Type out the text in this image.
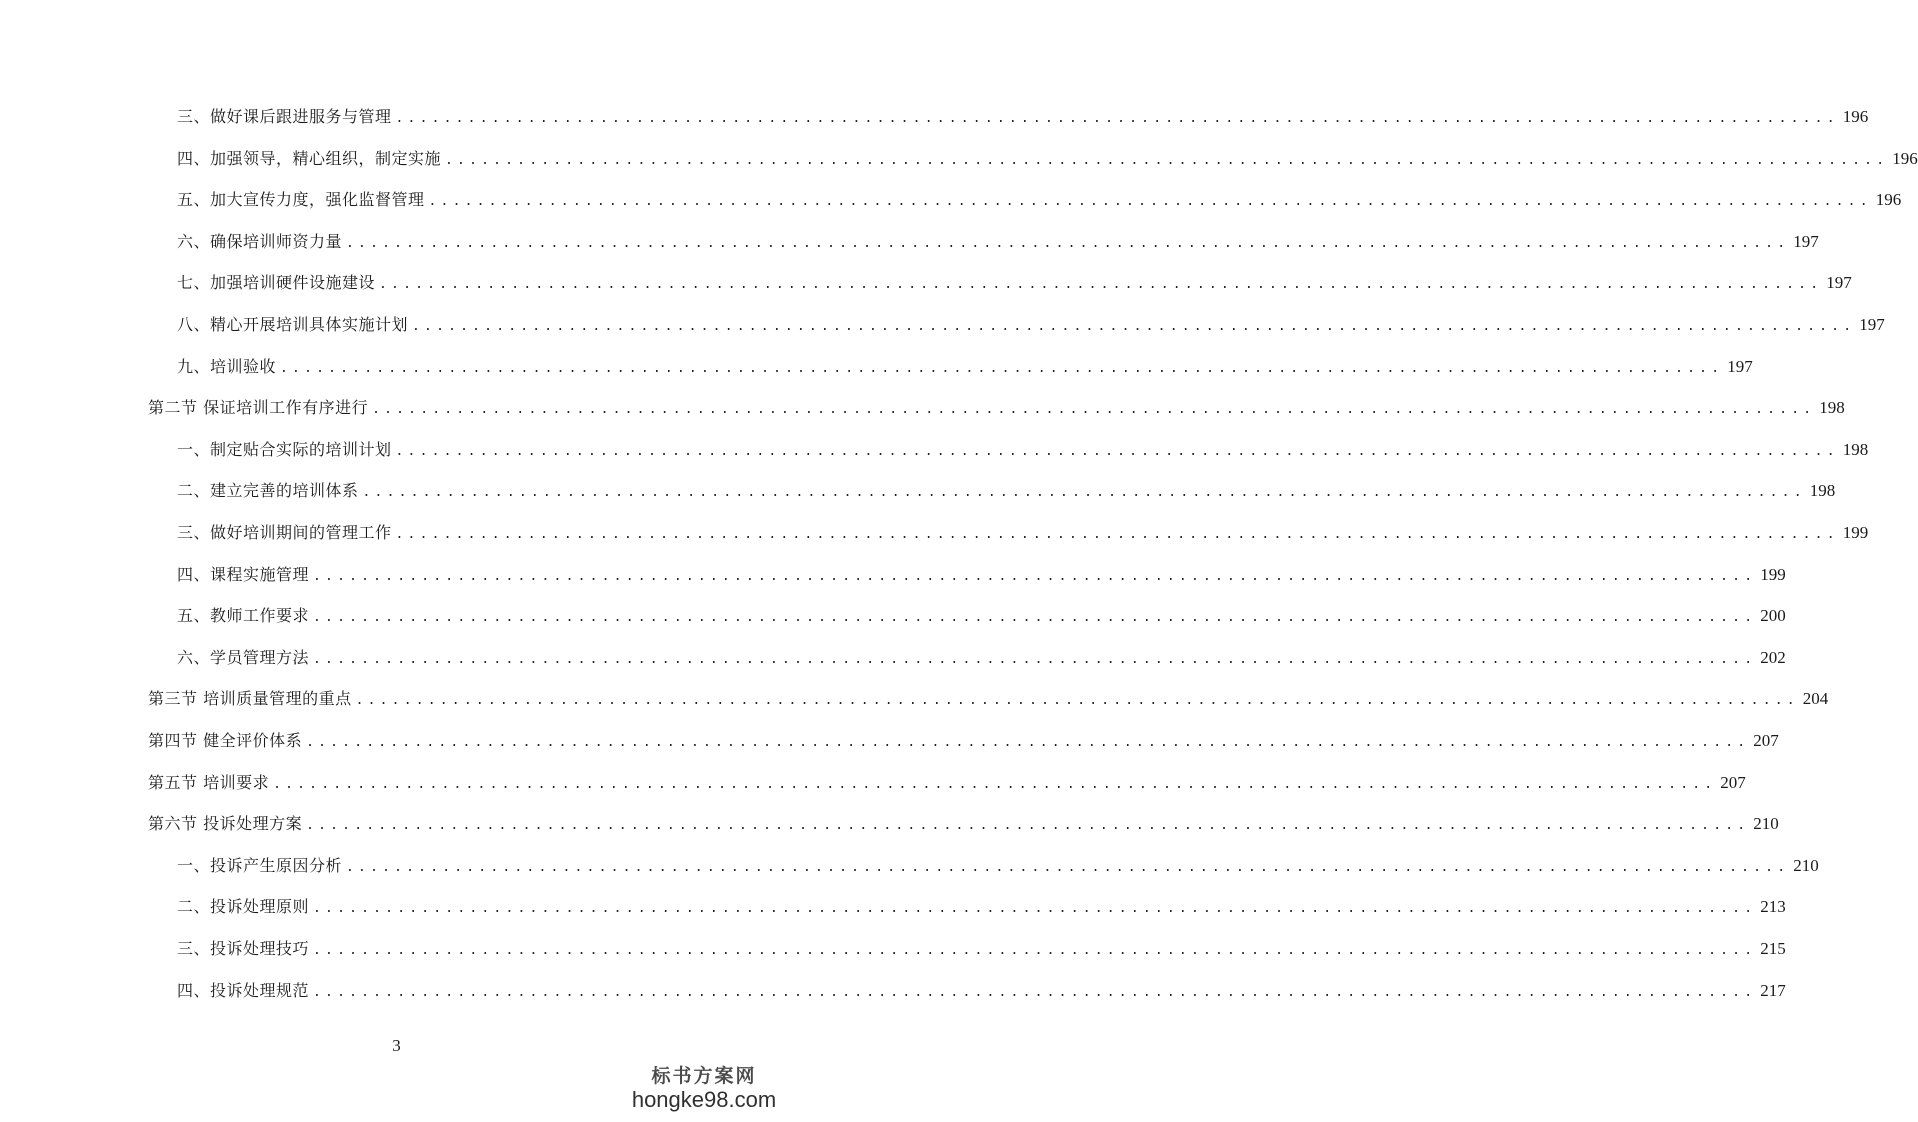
三、做好课后跟进服务与管理 ........................................................................................................................ 196
四、加强领导，精心组织，制定实施 ........................................................................................................................ 196
五、加大宣传力度，强化监督管理 ........................................................................................................................ 196
六、确保培训师资力量 ........................................................................................................................ 197
七、加强培训硬件设施建设 ........................................................................................................................ 197
八、精心开展培训具体实施计划 ........................................................................................................................ 197
九、培训验收 ........................................................................................................................ 197
第二节 保证培训工作有序进行 ........................................................................................................................ 198
一、制定贴合实际的培训计划 ........................................................................................................................ 198
二、建立完善的培训体系 ........................................................................................................................ 198
三、做好培训期间的管理工作 ........................................................................................................................ 199
四、课程实施管理 ........................................................................................................................ 199
五、教师工作要求 ........................................................................................................................ 200
六、学员管理方法 ........................................................................................................................ 202
第三节 培训质量管理的重点 ........................................................................................................................ 204
第四节 健全评价体系 ........................................................................................................................ 207
第五节 培训要求 ........................................................................................................................ 207
第六节 投诉处理方案 ........................................................................................................................ 210
一、投诉产生原因分析 ........................................................................................................................ 210
二、投诉处理原则 ........................................................................................................................ 213
三、投诉处理技巧 ........................................................................................................................ 215
四、投诉处理规范 ........................................................................................................................ 217
3
标书方案网
hongke98.com
